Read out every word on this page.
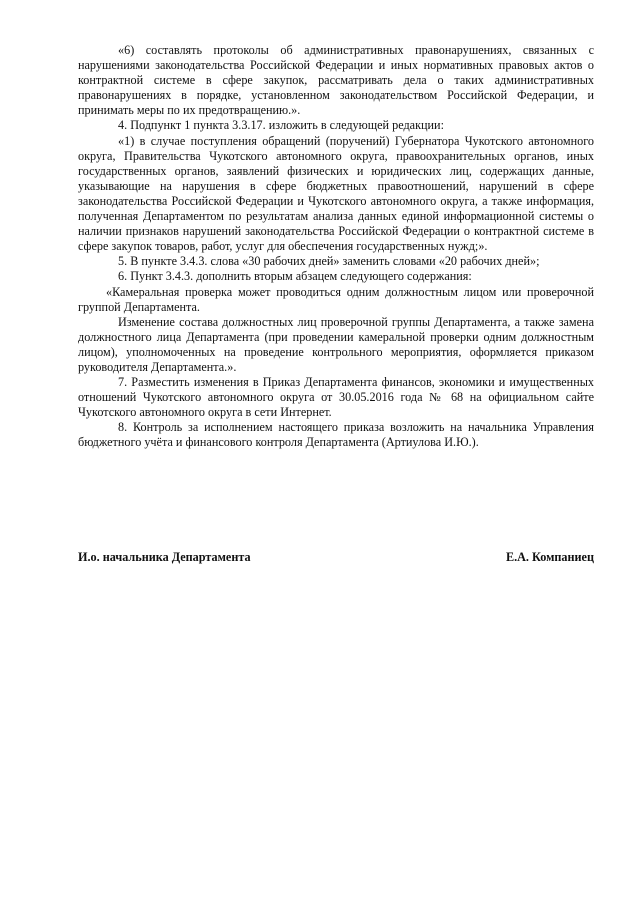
«6) составлять протоколы об административных правонарушениях, связанных с нарушениями законодательства Российской Федерации и иных нормативных правовых актов о контрактной системе в сфере закупок, рассматривать дела о таких административных правонарушениях в порядке, установленном законодательством Российской Федерации, и принимать меры по их предотвращению.».

4. Подпункт 1 пункта 3.3.17. изложить в следующей редакции:

«1) в случае поступления обращений (поручений) Губернатора Чукотского автономного округа, Правительства Чукотского автономного округа, правоохранительных органов, иных государственных органов, заявлений физических и юридических лиц, содержащих данные, указывающие на нарушения в сфере бюджетных правоотношений, нарушений в сфере законодательства Российской Федерации и Чукотского автономного округа, а также информация, полученная Департаментом по результатам анализа данных единой информационной системы о наличии признаков нарушений законодательства Российской Федерации о контрактной системе в сфере закупок товаров, работ, услуг для обеспечения государственных нужд;».

5. В пункте 3.4.3. слова «30 рабочих дней» заменить словами «20 рабочих дней»;

6. Пункт 3.4.3. дополнить вторым абзацем следующего содержания:

«Камеральная проверка может проводиться одним должностным лицом или проверочной группой Департамента.

Изменение состава должностных лиц проверочной группы Департамента, а также замена должностного лица Департамента (при проведении камеральной проверки одним должностным лицом), уполномоченных на проведение контрольного мероприятия, оформляется приказом руководителя Департамента.».

7. Разместить изменения в Приказ Департамента финансов, экономики и имущественных отношений Чукотского автономного округа от 30.05.2016 года № 68 на официальном сайте Чукотского автономного округа в сети Интернет.

8. Контроль за исполнением настоящего приказа возложить на начальника Управления бюджетного учёта и финансового контроля Департамента (Артиулова И.Ю.).

И.о. начальника Департамента	Е.А. Компаниец
